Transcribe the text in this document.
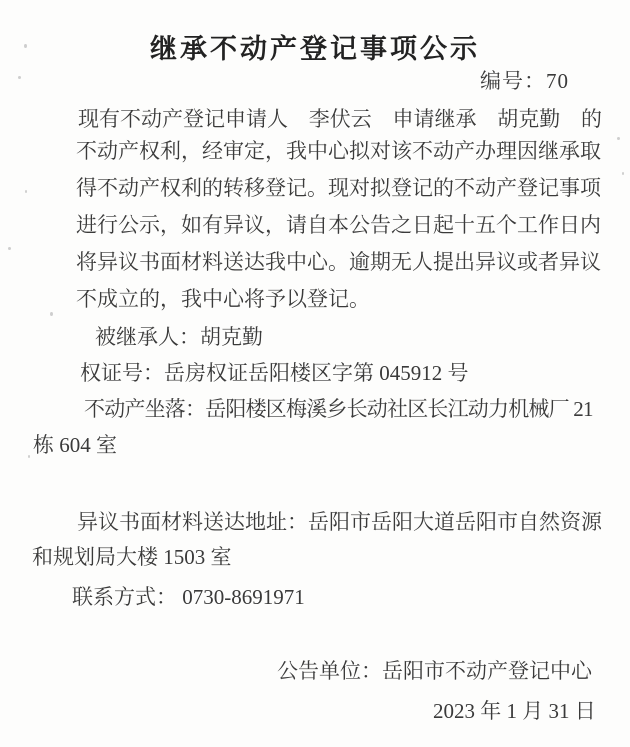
继承不动产登记事项公示
编号：70
现有不动产登记申请人 李伏云 申请继承 胡克勤 的
不动产权利，经审定，我中心拟对该不动产办理因继承取
得不动产权利的转移登记。现对拟登记的不动产登记事项
进行公示，如有异议，请自本公告之日起十五个工作日内
将异议书面材料送达我中心。逾期无人提出异议或者异议
不成立的，我中心将予以登记。
被继承人：胡克勤
权证号：岳房权证岳阳楼区字第 045912 号
不动产坐落：岳阳楼区梅溪乡长动社区长江动力机械厂 21
栋 604 室
异议书面材料送达地址：岳阳市岳阳大道岳阳市自然资源
和规划局大楼 1503 室
联系方式： 0730-8691971
公告单位：岳阳市不动产登记中心
2023 年 1 月 31 日
